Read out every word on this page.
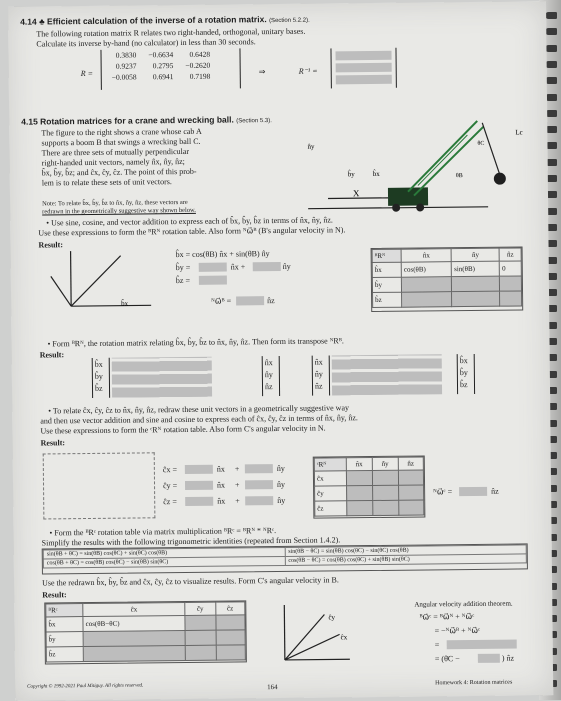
4.14 ♣ Efficient calculation of the inverse of a rotation matrix. (Section 5.2.2).
The following rotation matrix R relates two right-handed, orthogonal, unitary bases.
Calculate its inverse by-hand (no calculator) in less than 30 seconds.
R =
0.3830	−0.6634	0.6428
0.9237	0.2795	−0.2620
−0.0058	0.6941	0.7198
⇒	R⁻¹ =
4.15 Rotation matrices for a crane and wrecking ball. (Section 5.3).
The figure to the right shows a crane whose cab A
supports a boom B that swings a wrecking ball C.
There are three sets of mutually perpendicular
right-handed unit vectors, namely n̂x, n̂y, n̂z;
b̂x, b̂y, b̂z; and ĉx, ĉy, ĉz. The point of this prob-
lem is to relate these sets of unit vectors.
Note: To relate b̂x, b̂y, b̂z to n̂x, n̂y, n̂z, these vectors are
redrawn in the geometrically suggestive way shown below.
X
Lc
θB
θC
n̂y
b̂y	b̂x
• Use sine, cosine, and vector addition to express each of b̂x, b̂y, b̂z in terms of n̂x, n̂y, n̂z.
Use these expressions to form the ᴮRᴺ rotation table. Also form ᴺω⃗ᴮ (B's angular velocity in N).
Result:
b̂x
b̂x = cos(θB) n̂x + sin(θB) n̂y
b̂y =	n̂x +	n̂y
b̂z =
ᴺω⃗ᴮ =	n̂z
ᴮRᴺ	n̂x	n̂y	n̂z
b̂x	cos(θB)	sin(θB)	0
b̂y			
b̂z			
• Form ᴮRᴺ, the rotation matrix relating b̂x, b̂y, b̂z to n̂x, n̂y, n̂z. Then form its transpose ᴺRᴮ.
Result:
b̂x
b̂y
b̂z
n̂x
n̂y
n̂z
n̂x
n̂y
n̂z
b̂x
b̂y
b̂z
• To relate ĉx, ĉy, ĉz to n̂x, n̂y, n̂z, redraw these unit vectors in a geometrically suggestive way
and then use vector addition and sine and cosine to express each of ĉx, ĉy, ĉz in terms of n̂x, n̂y, n̂z.
Use these expressions to form the ᶜRᴺ rotation table. Also form C's angular velocity in N.
Result:
ĉx =	n̂x +	n̂y
ĉy =	n̂x +	n̂y
ĉz =	n̂x +	n̂y
ᶜRᴺ	n̂x	n̂y	n̂z
ĉx			
ĉy			
ĉz			
ᴺω⃗ᶜ =	n̂z
• Form the ᴮRᶜ rotation table via matrix multiplication ᴮRᶜ = ᴮRᴺ * ᴺRᶜ.
Simplify the results with the following trigonometric identities (repeated from Section 1.4.2).
sin(θB + θC) = sin(θB) cos(θC) + sin(θC) cos(θB)	sin(θB − θC) = sin(θB) cos(θC) − sin(θC) cos(θB)
cos(θB + θC) = cos(θB) cos(θC) − sin(θB) sin(θC)	cos(θB − θC) = cos(θB) cos(θC) + sin(θB) sin(θC)
Use the redrawn b̂x, b̂y, b̂z and ĉx, ĉy, ĉz to visualize results. Form C's angular velocity in B.
Result:
ᴮRᶜ	ĉx	ĉy	ĉz
b̂x	cos(θB−θC)		
b̂y			
b̂z			
ĉy
ĉx
Angular velocity addition theorem.
ᴮω⃗ᶜ = ᴮω⃗ᴺ + ᴺω⃗ᶜ
= −ᴺω⃗ᴮ + ᴺω⃗ᶜ
=
= (θ̇C −	) n̂z
Copyright © 1992-2021 Paul Mitiguy. All rights reserved.	164
Homework 4: Rotation matrices
